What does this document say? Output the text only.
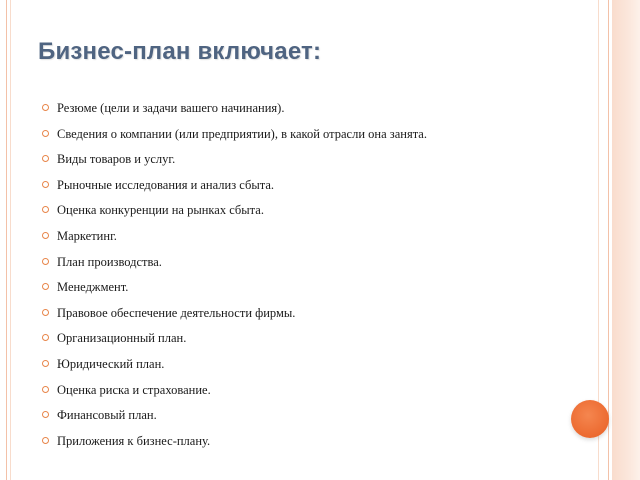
Бизнес-план включает:
Резюме (цели и задачи вашего начинания).
Сведения о компании (или предприятии), в какой отрасли она занята.
Виды товаров и услуг.
Рыночные исследования и анализ сбыта.
Оценка конкуренции на рынках сбыта.
Маркетинг.
План производства.
Менеджмент.
Правовое обеспечение деятельности фирмы.
Организационный план.
Юридический план.
Оценка риска и страхование.
Финансовый план.
Приложения к бизнес-плану.
